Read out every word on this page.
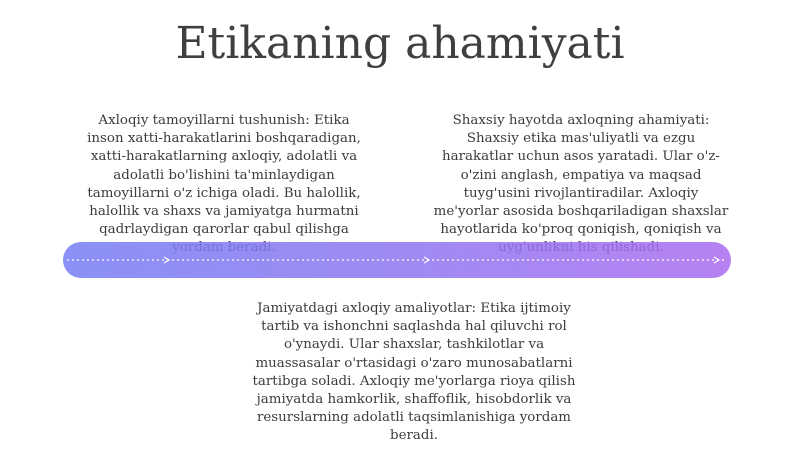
Etikaning ahamiyati

Axloqiy tamoyillarni tushunish: Etika
inson xatti-harakatlarini boshqaradigan,
xatti-harakatlarning axloqiy, adolatli va
adolatli bo'lishini ta'minlaydigan
tamoyillarni o'z ichiga oladi. Bu halollik,
halollik va shaxs va jamiyatga hurmatni
qadrlaydigan qarorlar qabul qilishga

Shaxsiy hayotda axloqning ahamiyati:
Shaxsiy etika mas'uliyatli va ezgu
harakatlar uchun asos yaratadi. Ular o'z-
o'zini anglash, empatiya va maqsad
tuyg'usini rivojlantiradilar. Axloqiy
me'yorlar asosida boshqariladigan shaxslar
hayotlarida ko'proq qoniqish, qoniqish va

Jamiyatdagi axloqiy amaliyotlar: Etika ijtimoiy
tartib va ishonchni saqlashda hal qiluvchi rol
o'ynaydi. Ular shaxslar, tashkilotlar va
muassasalar o'rtasidagi o'zaro munosabatlarni
tartibga soladi. Axloqiy me'yorlarga rioya qilish
jamiyatda hamkorlik, shaffoflik, hisobdorlik va
resurslarning adolatli taqsimlanishiga yordam
beradi.
